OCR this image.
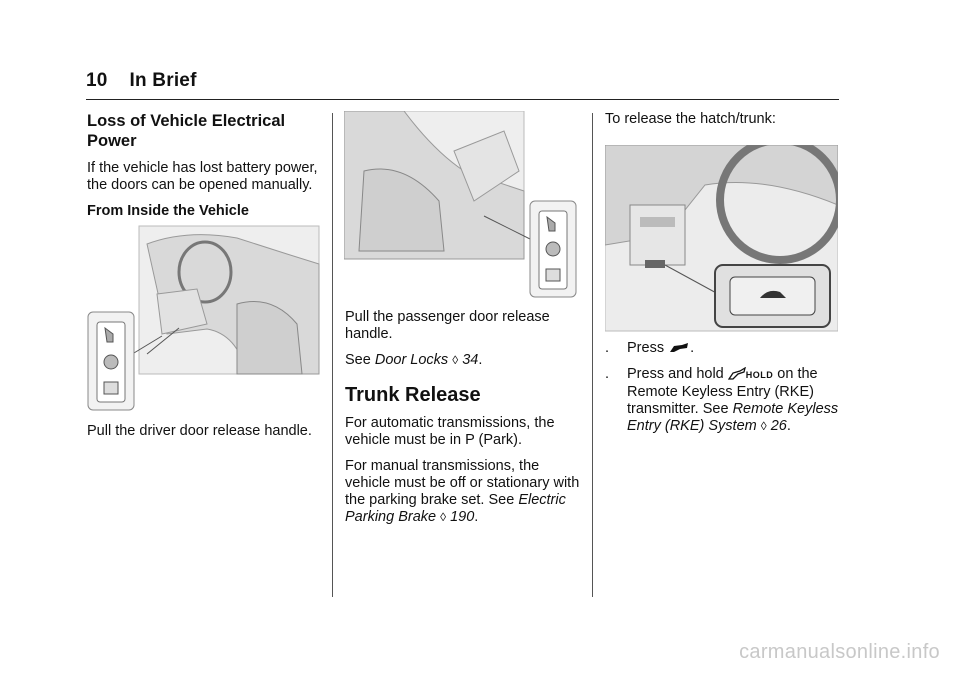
10 In Brief

Loss of Vehicle Electrical Power

If the vehicle has lost battery power, the doors can be opened manually.

From Inside the Vehicle

Pull the driver door release handle.

Pull the passenger door release handle.

See Door Locks ◊ 34.

Trunk Release

For automatic transmissions, the vehicle must be in P (Park).

For manual transmissions, the vehicle must be off or stationary with the parking brake set. See Electric Parking Brake ◊ 190.

To release the hatch/trunk:

.	Press .
.	Press and hold HOLD on the Remote Keyless Entry (RKE) transmitter. See Remote Keyless Entry (RKE) System ◊ 26.
carmanualsonline.info
